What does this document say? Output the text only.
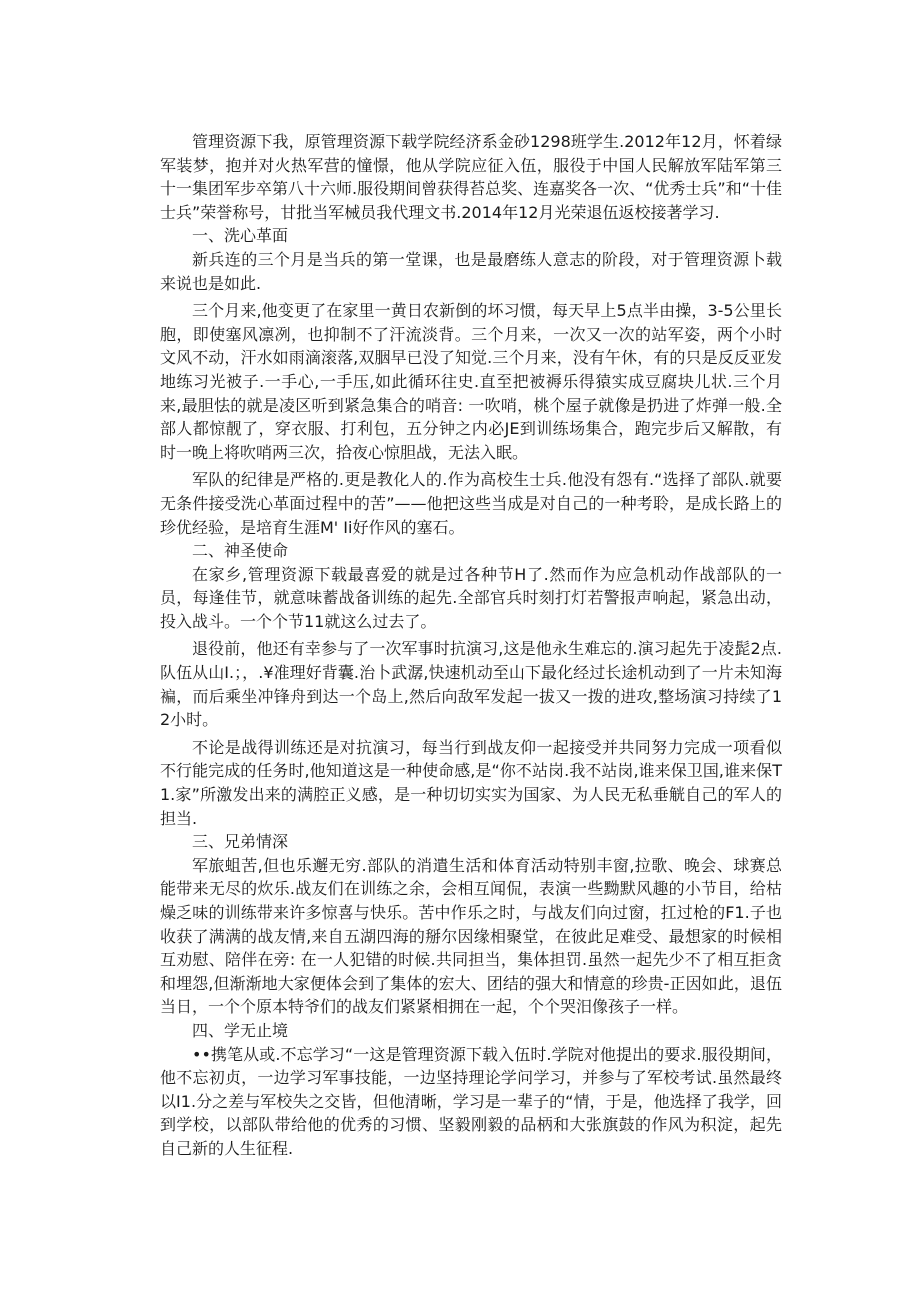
管理资源下我，原管理资源下载学院经济系金砂1298班学生.2012年12月，怀着绿军装梦，抱并对火热军营的憧憬，他从学院应征入伍，服役于中国人民解放军陆军第三十一集团军步卒第八十六师.服役期间曾获得苔总奖、连嘉奖各一次、“优秀士兵”和“十佳士兵”荣誉称号，甘批当军械员我代理文书.2014年12月光荣退伍返校接著学习.

一、洗心革面

新兵连的三个月是当兵的第一堂课，也是最磨练人意志的阶段，对于管理资源卜载来说也是如此.

三个月来,他变更了在家里一黄日农新倒的坏习惯，每天早上5点半由操，3-5公里长胞，即使塞风凛冽，也抑制不了汗流淡背。三个月来，一次又一次的站军姿，两个小时文风不动，汗水如雨滴滚落,双胭早已没了知觉.三个月来，没有午休，有的只是反反亚发地练习光被子.一手心,一手压,如此循环往史.直至把被褥乐得猿实成豆腐块儿状.三个月来,最胆怯的就是凌区听到紧急集合的哨音: 一吹哨，桃个屋子就像是扔进了炸弹一般.全部人都惊靓了，穿衣服、打利包，五分钟之内必JE到训练场集合，跑完步后又解散，有时一晚上将吹哨两三次，拾夜心惊胆战，无法入眠。

军队的纪律是严格的.更是教化人的.作为高校生士兵.他没有怨有.“选择了部队.就要无条件接受洗心革面过程中的苦”——他把这些当成是对自己的一种考聆，是成长路上的珍优经验，是培育生涯M' Ii好作风的塞石。

二、神圣使命

在家乡,管理资源下载最喜爱的就是过各种节H了.然而作为应急机动作战部队的一员，每逢佳节，就意味蓄战备训练的起先.全部官兵时刻打灯若警报声响起，紧急出动，投入战斗。一个个节11就这么过去了。

退役前，他还有幸参与了一次军事时抗演习,这是他永生难忘的.演习起先于凌髭2点.队伍从山I.；，.¥准理好背囊.治卜武潺,快速机动至山下最化经过长途机动到了一片未知海褊，而后乘坐冲锋舟到达一个岛上,然后向敌军发起一拔又一拨的进攻,整场演习持续了12小时。

不论是战得训练还是对抗演习，每当行到战友仰一起接受并共同努力完成一项看似不行能完成的任务时,他知道这是一种使命感,是“你不站岗.我不站岗,谁来保卫国,谁来保T1.家”所激发出来的满腔正义感，是一种切切实实为国家、为人民无私垂觥自己的军人的担当.

三、兄弟情深

军旅蛆苦,但也乐邂无穷.部队的消遣生活和体育活动特别丰窗,拉歌、晚会、球赛总能带来无尽的炊乐.战友们在训练之余，会相互闻侃，表演一些黝默风趣的小节目，给枯燥乏味的训练带来许多惊喜与快乐。苦中作乐之时，与战友们向过窗，扛过枪的F1.子也收获了满满的战友情,来自五湖四海的掰尔因缘相聚堂，在彼此足难受、最想家的时候相互劝慰、陪伴在旁: 在一人犯错的时候.共同担当，集体担罚.虽然一起先少不了相互拒贪和埋怨,但渐渐地大家便体会到了集体的宏大、团结的强大和情意的珍贵-正因如此，退伍当日，一个个原本特爷们的战友们紧紧相拥在一起，个个哭汨像孩子一样。

四、学无止境

••携笔从或.不忘学习“一这是管理资源下载入伍时.学院对他提出的要求.服役期间，他不忘初贞，一边学习军事技能，一边坚持理论学问学习，并参与了军校考试.虽然最终以I1.分之差与军校失之交皆，但他清晰，学习是一辈子的“情，于是，他选择了我学，回到学校，以部队带给他的优秀的习惯、坚毅刚毅的品柄和大张旗鼓的作风为积淀，起先自己新的人生征程.
